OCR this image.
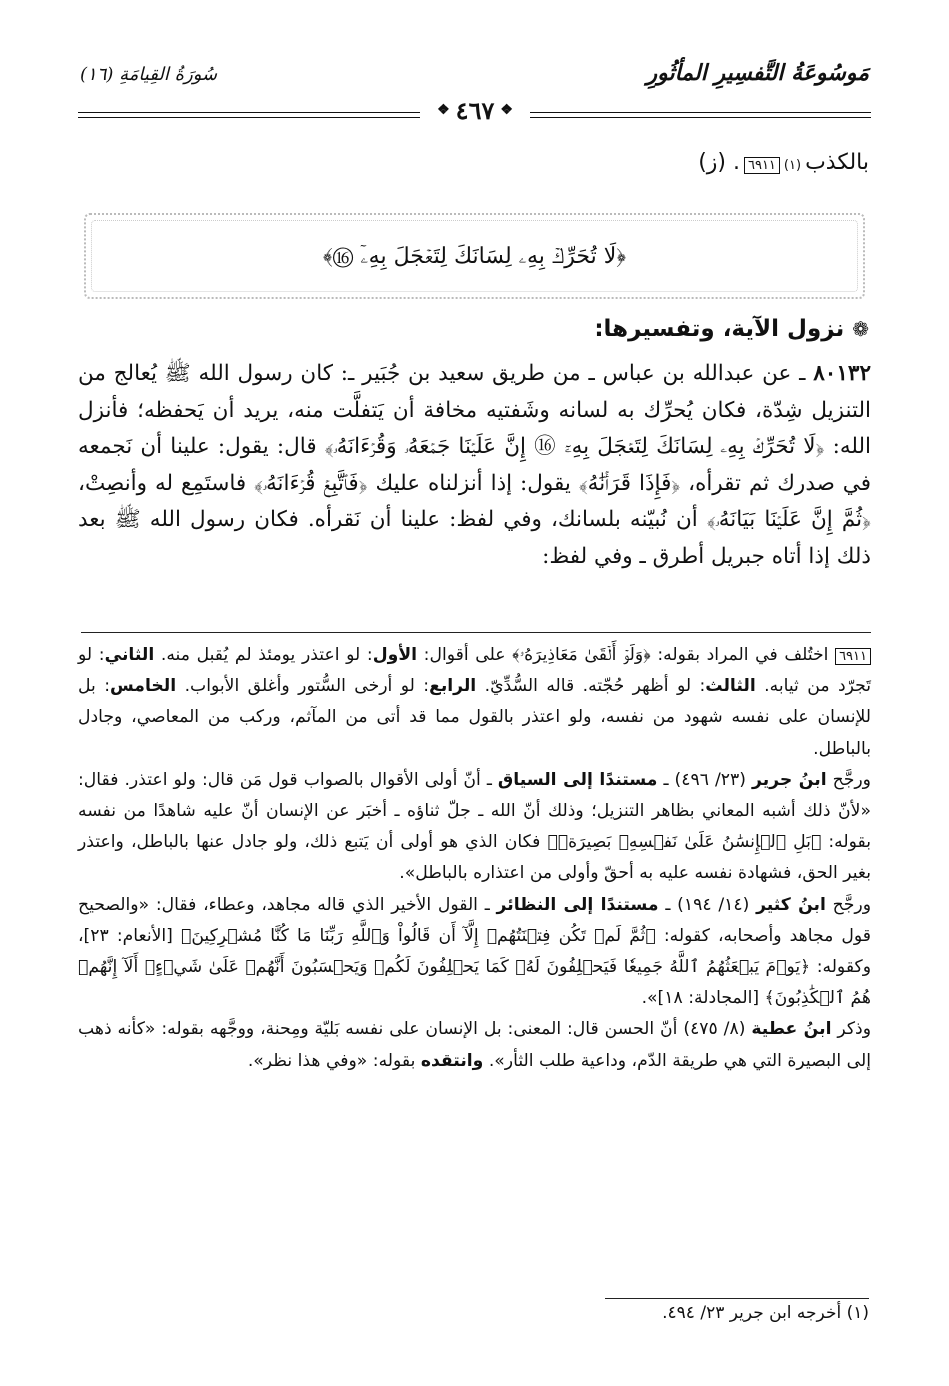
مَوسُوعَةُ التَّفسِيرِ المأثُورِ
سُورَةُ القِيامَةِ (١٦)
❖
٤٦٧
❖
بالكذب
(١)
٦٩١١
. (ز)
﴿لَا تُحَرِّكۡ بِهِۦ لِسَانَكَ لِتَعۡجَلَ بِهِۦٓ ⑯﴾
❁
نزول الآية، وتفسيرها:
٨٠١٣٢ ـ عن عبدالله بن عباس ـ من طريق سعيد بن جُبَير ـ: كان رسول الله ﷺ يُعالج من التنزيل شِدّة، فكان يُحرِّك به لسانه وشَفتيه مخافة أن يَتفلَّت منه، يريد أن يَحفظه؛ فأنزل الله: ﴿لَا تُحَرِّكۡ بِهِۦ لِسَانَكَ لِتَعۡجَلَ بِهِۦٓ ⑯ إِنَّ عَلَيۡنَا جَمۡعَهُۥ وَقُرۡءَانَهُۥ﴾ قال: يقول: علينا أن نَجمعه في صدرك ثم تقرأه، ﴿فَإِذَا قَرَأۡنَٰهُ﴾ يقول: إذا أنزلناه عليك ﴿فَٱتَّبِعۡ قُرۡءَانَهُۥ﴾ فاستَمِع له وأنصِتْ، ﴿ثُمَّ إِنَّ عَلَيۡنَا بَيَانَهُۥ﴾ أن نُبيّنه بلسانك، وفي لفظ: علينا أن نَقرأه. فكان رسول الله ﷺ بعد ذلك إذا أتاه جبريل أطرق ـ وفي لفظ:

٦٩١١ اختُلف في المراد بقوله: ﴿وَلَوۡ أَلۡقَىٰ مَعَاذِيرَهُۥ﴾ على أقوال: الأول: لو اعتذر يومئذ لم يُقبل منه. الثاني: لو تَجرّد من ثيابه. الثالث: لو أظهر حُجّته. قاله السُّدِّيّ. الرابع: لو أرخى السُّتور وأغلق الأبواب. الخامس: بل للإنسان على نفسه شهود من نفسه، ولو اعتذر بالقول مما قد أتى من المآثم، وركب من المعاصي، وجادل بالباطل.

ورجَّح ابنُ جرير (٢٣/ ٤٩٦) ـ مستندًا إلى السياق ـ أنّ أولى الأقوال بالصواب قول مَن قال: ولو اعتذر. فقال: «لأنّ ذلك أشبه المعاني بظاهر التنزيل؛ وذلك أنّ الله ـ جلّ ثناؤه ـ أخبَر عن الإنسان أنّ عليه شاهدًا من نفسه بقوله: ﴿بَلِ ٱلۡإِنسَٰنُ عَلَىٰ نَفۡسِهِۦ بَصِيرَةٞ﴾ فكان الذي هو أولى أن يَتبع ذلك، ولو جادل عنها بالباطل، واعتذر بغير الحق، فشهادة نفسه عليه به أحقّ وأولى من اعتذاره بالباطل».

ورجَّح ابنُ كثير (١٤/ ١٩٤) ـ مستندًا إلى النظائر ـ القول الأخير الذي قاله مجاهد، وعطاء، فقال: «والصحيح قول مجاهد وأصحابه، كقوله: ﴿ثُمَّ لَمۡ تَكُن فِتۡنَتُهُمۡ إِلَّآ أَن قَالُواْ وَٱللَّهِ رَبِّنَا مَا كُنَّا مُشۡرِكِينَ﴾ [الأنعام: ٢٣]، وكقوله: ﴿يَوۡمَ يَبۡعَثُهُمُ ٱللَّهُ جَمِيعٗا فَيَحۡلِفُونَ لَهُۥ كَمَا يَحۡلِفُونَ لَكُمۡ وَيَحۡسَبُونَ أَنَّهُمۡ عَلَىٰ شَيۡءٍۚ أَلَآ إِنَّهُمۡ هُمُ ٱلۡكَٰذِبُونَ﴾ [المجادلة: ١٨]».

وذكر ابنُ عطية (٨/ ٤٧٥) أنّ الحسن قال: المعنى: بل الإنسان على نفسه بَليّة ومِحنة، ووجَّهه بقوله: «كأنه ذهب إلى البصيرة التي هي طريقة الدّم، وداعية طلب الثأر». وانتقده بقوله: «وفي هذا نظر».

(١) أخرجه ابن جرير ٢٣/ ٤٩٤.
